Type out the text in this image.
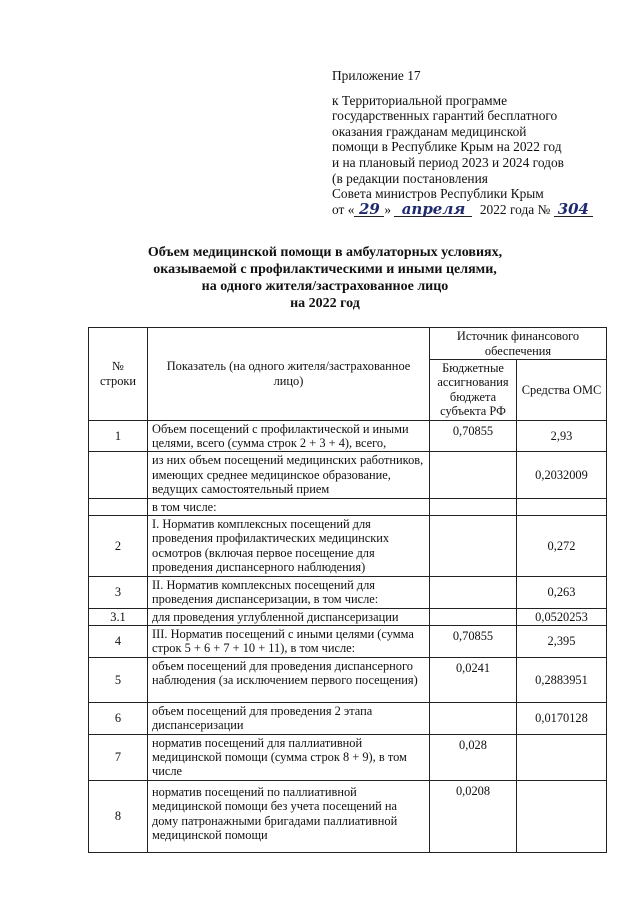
Приложение 17
к Территориальной программе
государственных гарантий бесплатного
оказания гражданам медицинской
помощи в Республике Крым на 2022 год
и на плановый период 2023 и 2024 годов
(в редакции постановления
Совета министров Республики Крым
от « 29 » апреля 2022 года № 304
Объем медицинской помощи в амбулаторных условиях,
оказываемой с профилактическими и иными целями,
на одного жителя/застрахованное лицо
на 2022 год
№ строки	Показатель (на одного жителя/застрахованное лицо)	Источник финансового обеспечения	
		Бюджетные ассигнования бюджета субъекта РФ	Средства ОМС
1	Объем посещений с профилактической и иными целями, всего (сумма строк 2 + 3 + 4), всего,	0,70855	2,93
	из них объем посещений медицинских работников, имеющих среднее медицинское образование, ведущих самостоятельный прием		0,2032009
	в том числе:		
2	I. Норматив комплексных посещений для проведения профилактических медицинских осмотров (включая первое посещение для проведения диспансерного наблюдения)		0,272
3	II. Норматив комплексных посещений для проведения диспансеризации, в том числе:		0,263
3.1	для проведения углубленной диспансеризации		0,0520253
4	III. Норматив посещений с иными целями (сумма строк 5 + 6 + 7 + 10 + 11), в том числе:	0,70855	2,395
5	объем посещений для проведения диспансерного наблюдения (за исключением первого посещения)	0,0241	0,2883951
6	объем посещений для проведения 2 этапа диспансеризации		0,0170128
7	норматив посещений для паллиативной медицинской помощи (сумма строк 8 + 9), в том числе	0,028	
8	норматив посещений по паллиативной медицинской помощи без учета посещений на дому патронажными бригадами паллиативной медицинской помощи	0,0208	
